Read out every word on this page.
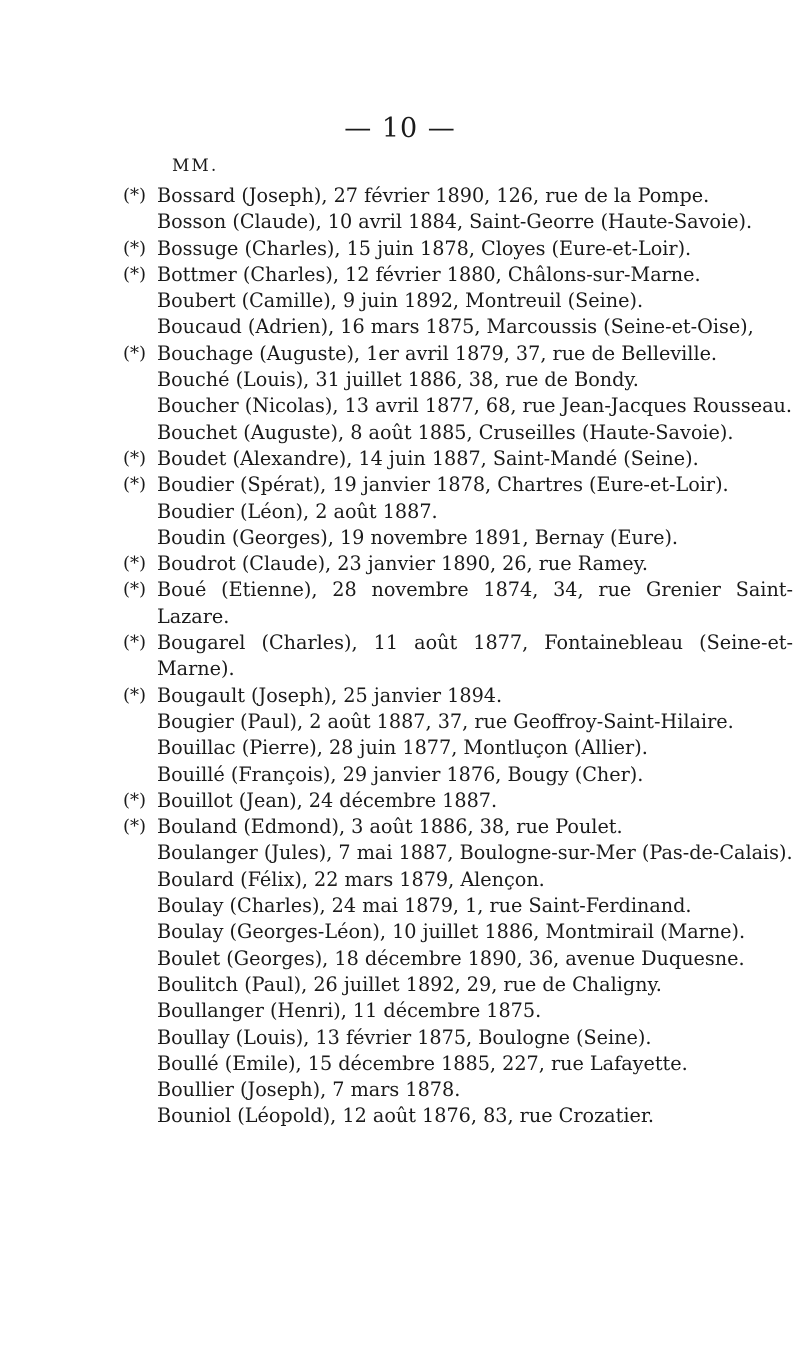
— 10 —
MM.
(*) Bossard (Joseph), 27 février 1890, 126, rue de la Pompe.
Bosson (Claude), 10 avril 1884, Saint-Georre (Haute-Savoie).
(*) Bossuge (Charles), 15 juin 1878, Cloyes (Eure-et-Loir).
(*) Bottmer (Charles), 12 février 1880, Châlons-sur-Marne.
Boubert (Camille), 9 juin 1892, Montreuil (Seine).
Boucaud (Adrien), 16 mars 1875, Marcoussis (Seine-et-Oise),
(*) Bouchage (Auguste), 1er avril 1879, 37, rue de Belleville.
Bouché (Louis), 31 juillet 1886, 38, rue de Bondy.
Boucher (Nicolas), 13 avril 1877, 68, rue Jean-Jacques Rousseau.
Bouchet (Auguste), 8 août 1885, Cruseilles (Haute-Savoie).
(*) Boudet (Alexandre), 14 juin 1887, Saint-Mandé (Seine).
(*) Boudier (Spérat), 19 janvier 1878, Chartres (Eure-et-Loir).
Boudier (Léon), 2 août 1887.
Boudin (Georges), 19 novembre 1891, Bernay (Eure).
(*) Boudrot (Claude), 23 janvier 1890, 26, rue Ramey.
(*) Boué (Etienne), 28 novembre 1874, 34, rue Grenier Saint-Lazare.
(*) Bougarel (Charles), 11 août 1877, Fontainebleau (Seine-et-Marne).
(*) Bougault (Joseph), 25 janvier 1894.
Bougier (Paul), 2 août 1887, 37, rue Geoffroy-Saint-Hilaire.
Bouillac (Pierre), 28 juin 1877, Montluçon (Allier).
Bouillé (François), 29 janvier 1876, Bougy (Cher).
(*) Bouillot (Jean), 24 décembre 1887.
(*) Bouland (Edmond), 3 août 1886, 38, rue Poulet.
Boulanger (Jules), 7 mai 1887, Boulogne-sur-Mer (Pas-de-Calais).
Boulard (Félix), 22 mars 1879, Alençon.
Boulay (Charles), 24 mai 1879, 1, rue Saint-Ferdinand.
Boulay (Georges-Léon), 10 juillet 1886, Montmirail (Marne).
Boulet (Georges), 18 décembre 1890, 36, avenue Duquesne.
Boulitch (Paul), 26 juillet 1892, 29, rue de Chaligny.
Boullanger (Henri), 11 décembre 1875.
Boullay (Louis), 13 février 1875, Boulogne (Seine).
Boullé (Emile), 15 décembre 1885, 227, rue Lafayette.
Boullier (Joseph), 7 mars 1878.
Bouniol (Léopold), 12 août 1876, 83, rue Crozatier.
